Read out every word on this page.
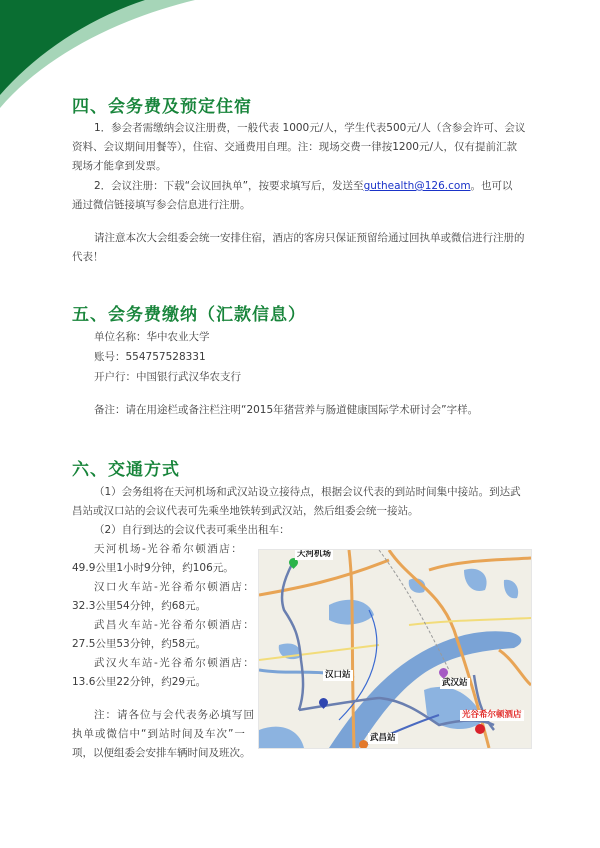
四、会务费及预定住宿
1．参会者需缴纳会议注册费，一般代表 1000元/人，学生代表500元/人（含参会许可、会议
资料、会议期间用餐等），住宿、交通费用自理。注：现场交费一律按1200元/人，仅有提前汇款
现场才能拿到发票。
2．会议注册：下载“会议回执单”，按要求填写后，发送至guthealth@126.com。也可以
通过微信链接填写参会信息进行注册。
请注意本次大会组委会统一安排住宿，酒店的客房只保证预留给通过回执单或微信进行注册的
代表！
五、会务费缴纳（汇款信息）
单位名称：华中农业大学
账号：554757528331
开户行：中国银行武汉华农支行
备注：请在用途栏或备注栏注明“2015年猪营养与肠道健康国际学术研讨会”字样。
六、交通方式
（1）会务组将在天河机场和武汉站设立接待点，根据会议代表的到站时间集中接站。到达武
昌站或汉口站的会议代表可先乘坐地铁转到武汉站，然后组委会统一接站。
（2）自行到达的会议代表可乘坐出租车：
天河机场-光谷希尔顿酒店：
49.9公里1小时9分钟，约106元。
汉口火车站-光谷希尔顿酒店：
32.3公里54分钟，约68元。
武昌火车站-光谷希尔顿酒店：
27.5公里53分钟，约58元。
武汉火车站-光谷希尔顿酒店：
13.6公里22分钟，约29元。
注：请各位与会代表务必填写回
执单或微信中“到站时间及车次”一
项，以便组委会安排车辆时间及班次。
天河机场
汉口站
武汉站
武昌站
光谷希尔顿酒店
